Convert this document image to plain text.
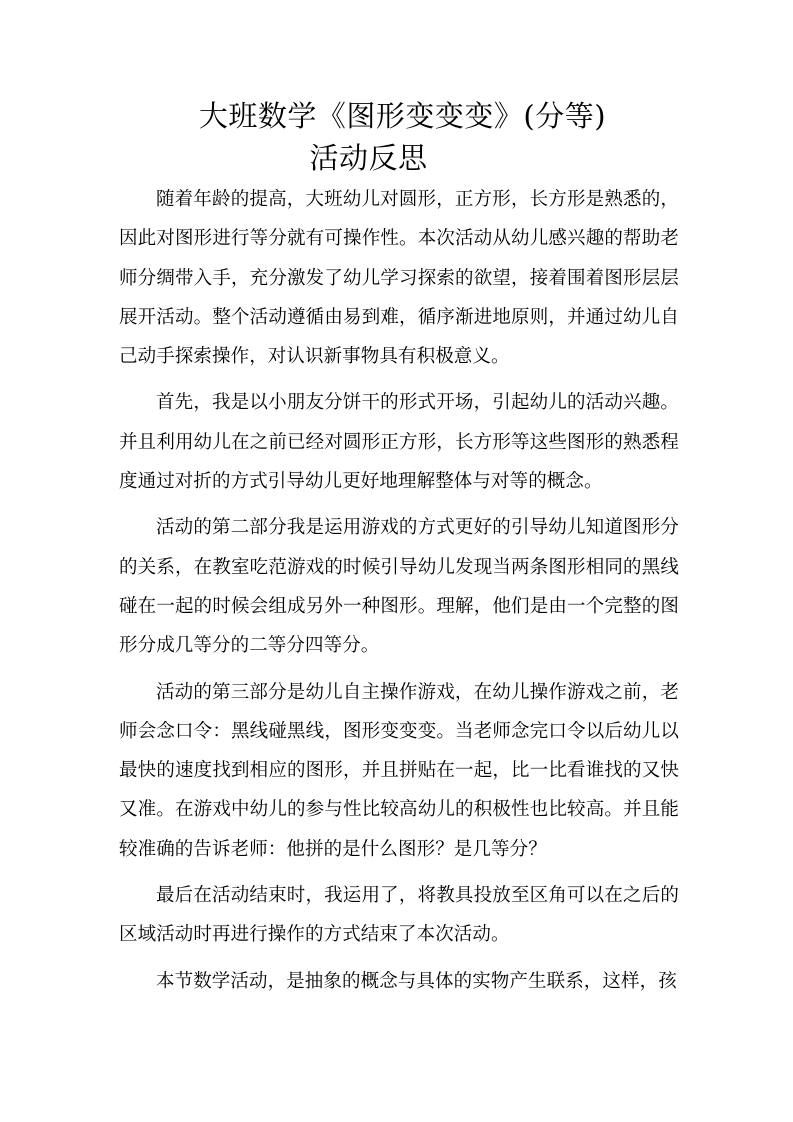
大班数学《图形变变变》(分等)
活动反思

随着年龄的提高，大班幼儿对圆形，正方形，长方形是熟悉的，因此对图形进行等分就有可操作性。本次活动从幼儿感兴趣的帮助老师分绸带入手，充分激发了幼儿学习探索的欲望，接着围着图形层层展开活动。整个活动遵循由易到难，循序渐进地原则，并通过幼儿自己动手探索操作，对认识新事物具有积极意义。

首先，我是以小朋友分饼干的形式开场，引起幼儿的活动兴趣。并且利用幼儿在之前已经对圆形正方形，长方形等这些图形的熟悉程度通过对折的方式引导幼儿更好地理解整体与对等的概念。

活动的第二部分我是运用游戏的方式更好的引导幼儿知道图形分的关系，在教室吃范游戏的时候引导幼儿发现当两条图形相同的黑线碰在一起的时候会组成另外一种图形。理解，他们是由一个完整的图形分成几等分的二等分四等分。

活动的第三部分是幼儿自主操作游戏，在幼儿操作游戏之前，老师会念口令：黑线碰黑线，图形变变变。当老师念完口令以后幼儿以最快的速度找到相应的图形，并且拼贴在一起，比一比看谁找的又快又准。在游戏中幼儿的参与性比较高幼儿的积极性也比较高。并且能较准确的告诉老师：他拼的是什么图形？是几等分？

最后在活动结束时，我运用了，将教具投放至区角可以在之后的区域活动时再进行操作的方式结束了本次活动。

本节数学活动，是抽象的概念与具体的实物产生联系，这样，孩
